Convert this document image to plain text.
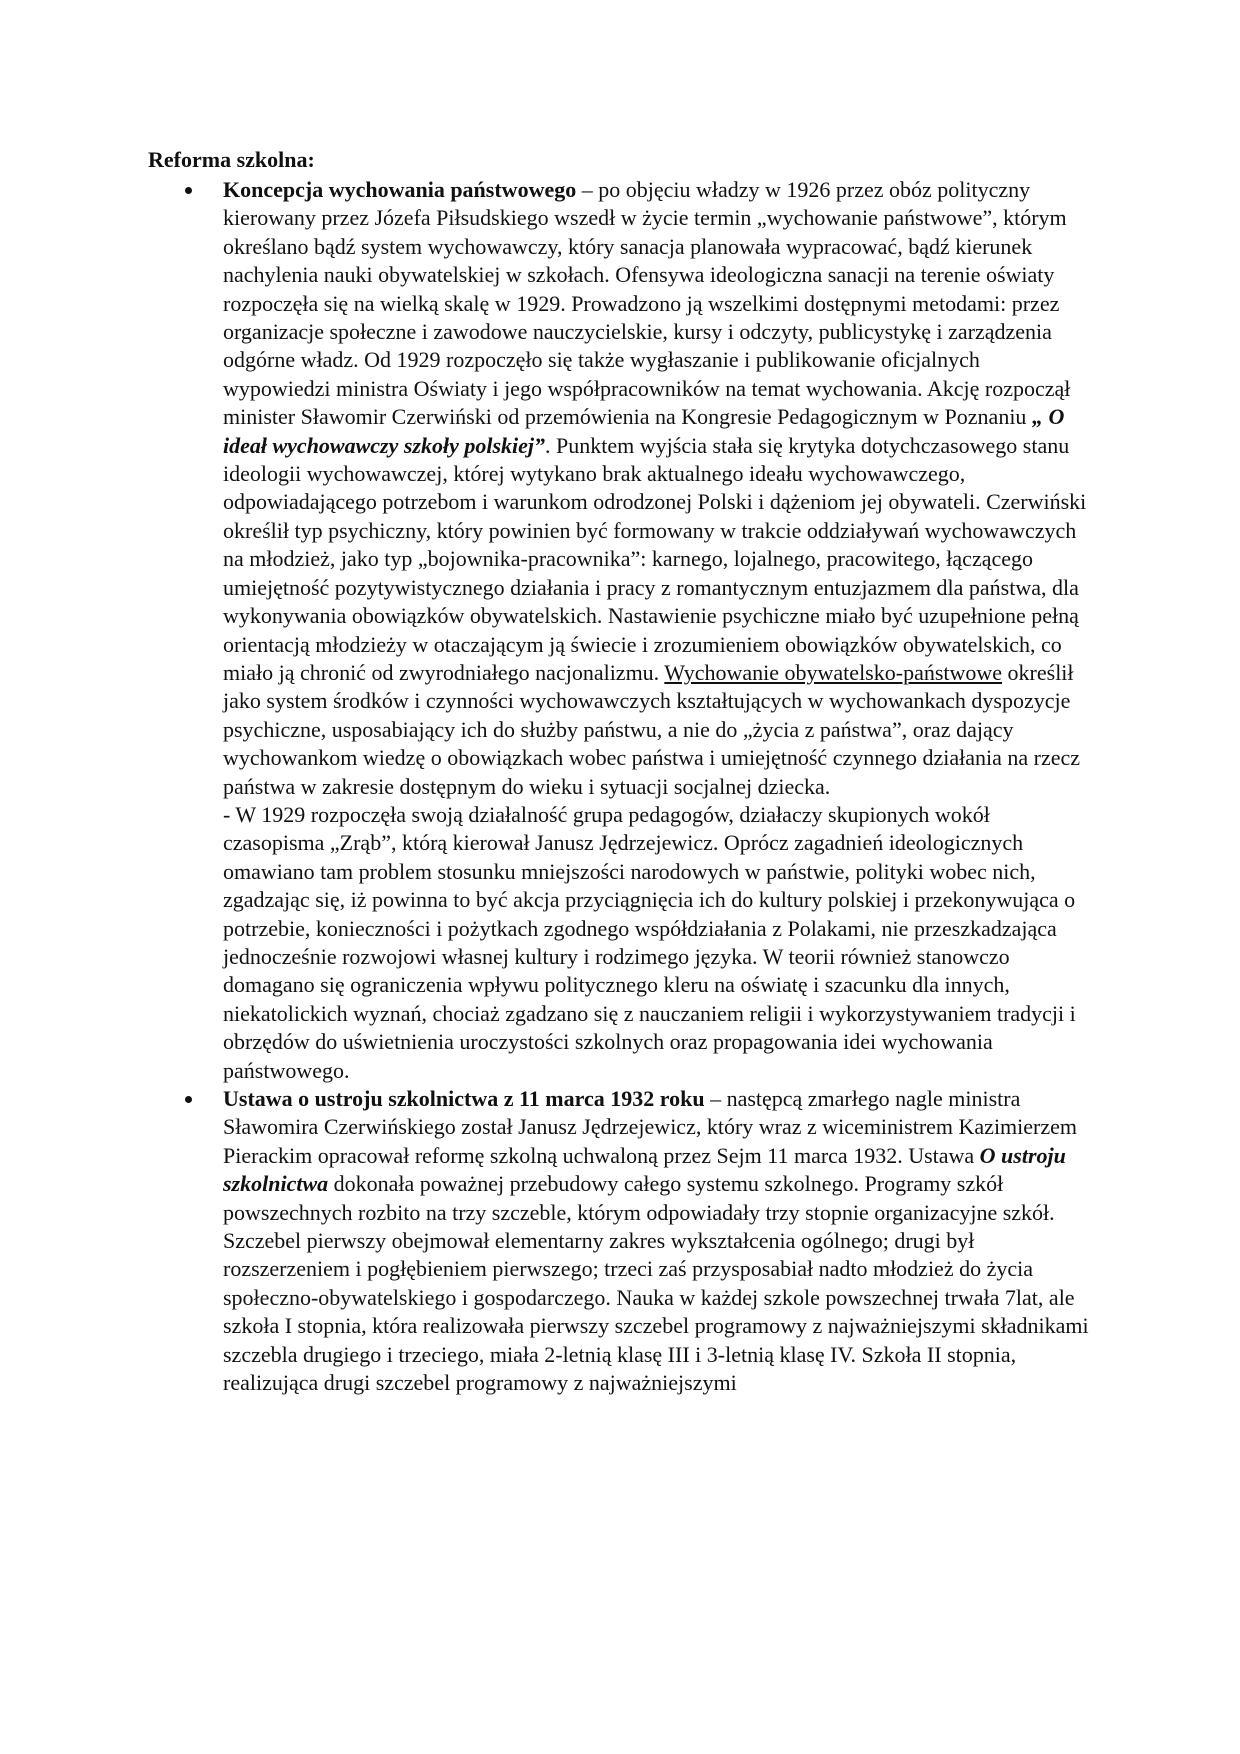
Reforma szkolna:

Koncepcja wychowania państwowego – po objęciu władzy w 1926 przez obóz polityczny kierowany przez Józefa Piłsudskiego wszedł w życie termin „wychowanie państwowe”, którym określano bądź system wychowawczy, który sanacja planowała wypracować, bądź kierunek nachylenia nauki obywatelskiej w szkołach. Ofensywa ideologiczna sanacji na terenie oświaty rozpoczęła się na wielką skalę w 1929. Prowadzono ją wszelkimi dostępnymi metodami: przez organizacje społeczne i zawodowe nauczycielskie, kursy i odczyty, publicystykę i zarządzenia odgórne władz. Od 1929 rozpoczęło się także wygłaszanie i publikowanie oficjalnych wypowiedzi ministra Oświaty i jego współpracowników na temat wychowania. Akcję rozpoczął minister Sławomir Czerwiński od przemówienia na Kongresie Pedagogicznym w Poznaniu „ O ideał wychowawczy szkoły polskiej”. Punktem wyjścia stała się krytyka dotychczasowego stanu ideologii wychowawczej, której wytykano brak aktualnego ideału wychowawczego, odpowiadającego potrzebom i warunkom odrodzonej Polski i dążeniom jej obywateli. Czerwiński określił typ psychiczny, który powinien być formowany w trakcie oddziaływań wychowawczych na młodzież, jako typ „bojownika-pracownika”: karnego, lojalnego, pracowitego, łączącego umiejętność pozytywistycznego działania i pracy z romantycznym entuzjazmem dla państwa, dla wykonywania obowiązków obywatelskich. Nastawienie psychiczne miało być uzupełnione pełną orientacją młodzieży w otaczającym ją świecie i zrozumieniem obowiązków obywatelskich, co miało ją chronić od zwyrodniałego nacjonalizmu. Wychowanie obywatelsko-państwowe określił jako system środków i czynności wychowawczych kształtujących w wychowankach dyspozycje psychiczne, usposabiający ich do służby państwu, a nie do „życia z państwa”, oraz dający wychowankom wiedzę o obowiązkach wobec państwa i umiejętność czynnego działania na rzecz państwa w zakresie dostępnym do wieku i sytuacji socjalnej dziecka.

- W 1929 rozpoczęła swoją działalność grupa pedagogów, działaczy skupionych wokół czasopisma „Zrąb”, którą kierował Janusz Jędrzejewicz. Oprócz zagadnień ideologicznych omawiano tam problem stosunku mniejszości narodowych w państwie, polityki wobec nich, zgadzając się, iż powinna to być akcja przyciągnięcia ich do kultury polskiej i przekonywująca o potrzebie, konieczności i pożytkach zgodnego współdziałania z Polakami, nie przeszkadzająca jednocześnie rozwojowi własnej kultury i rodzimego języka. W teorii również stanowczo domagano się ograniczenia wpływu politycznego kleru na oświatę i szacunku dla innych, niekatolickich wyznań, chociaż zgadzano się z nauczaniem religii i wykorzystywaniem tradycji i obrzędów do uświetnienia uroczystości szkolnych oraz propagowania idei wychowania państwowego.

Ustawa o ustroju szkolnictwa z 11 marca 1932 roku – następcą zmarłego nagle ministra Sławomira Czerwińskiego został Janusz Jędrzejewicz, który wraz z wiceministrem Kazimierzem Pierackim opracował reformę szkolną uchwaloną przez Sejm 11 marca 1932. Ustawa O ustroju szkolnictwa dokonała poważnej przebudowy całego systemu szkolnego. Programy szkół powszechnych rozbito na trzy szczeble, którym odpowiadały trzy stopnie organizacyjne szkół. Szczebel pierwszy obejmował elementarny zakres wykształcenia ogólnego; drugi był rozszerzeniem i pogłębieniem pierwszego; trzeci zaś przysposabiał nadto młodzież do życia społeczno-obywatelskiego i gospodarczego. Nauka w każdej szkole powszechnej trwała 7lat, ale szkoła I stopnia, która realizowała pierwszy szczebel programowy z najważniejszymi składnikami szczebla drugiego i trzeciego, miała 2-letnią klasę III i 3-letnią klasę IV. Szkoła II stopnia, realizująca drugi szczebel programowy z najważniejszymi
